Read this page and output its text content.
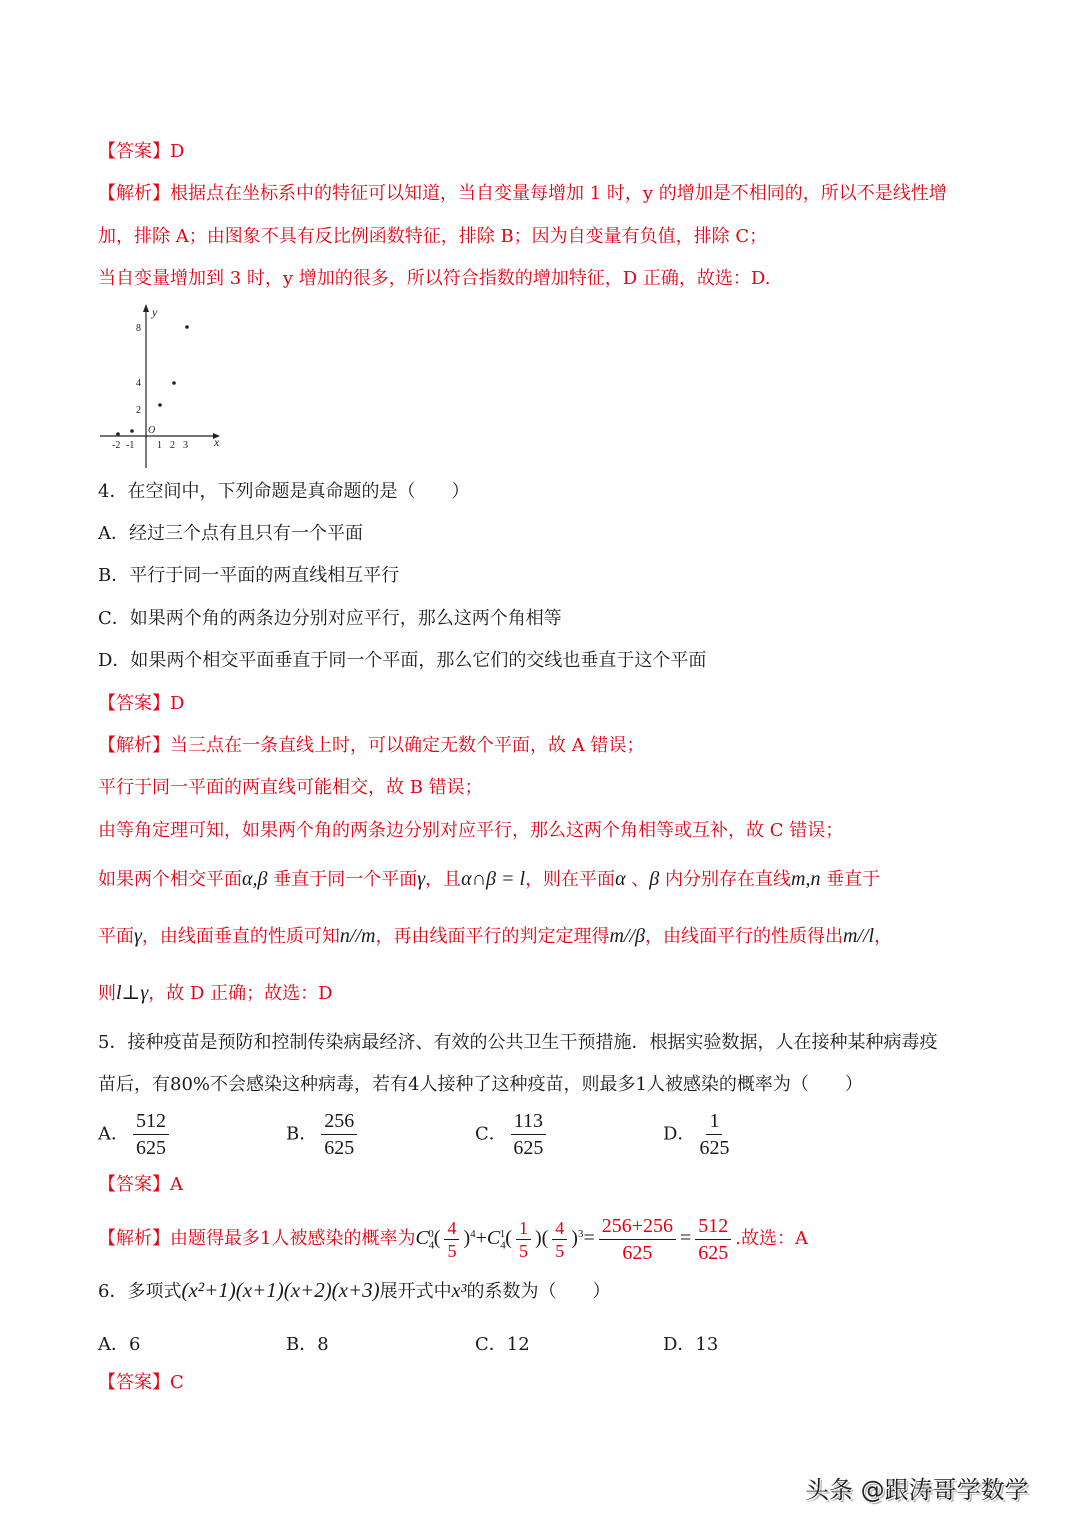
【答案】D
【解析】根据点在坐标系中的特征可以知道，当自变量每增加 1 时，y 的增加是不相同的，所以不是线性增
加，排除 A；由图象不具有反比例函数特征，排除 B；因为自变量有负值，排除 C；
当自变量增加到 3 时，y 增加的很多，所以符合指数的增加特征，D 正确，故选：D.
y
x
O
8
4
2
-2 -1 1 2 3
4．在空间中，下列命题是真命题的是（　　）
A．经过三个点有且只有一个平面
B．平行于同一平面的两直线相互平行
C．如果两个角的两条边分别对应平行，那么这两个角相等
D．如果两个相交平面垂直于同一个平面，那么它们的交线也垂直于这个平面
【答案】D
【解析】当三点在一条直线上时，可以确定无数个平面，故 A 错误；
平行于同一平面的两直线可能相交，故 B 错误；
由等角定理可知，如果两个角的两条边分别对应平行，那么这两个角相等或互补，故 C 错误；
如果两个相交平面α,β 垂直于同一个平面γ，且α∩β = l，则在平面α 、β 内分别存在直线m,n 垂直于
平面γ，由线面垂直的性质可知n//m，再由线面平行的判定定理得m//β，由线面平行的性质得出m//l，
则l⊥γ，故 D 正确；故选：D
5．接种疫苗是预防和控制传染病最经济、有效的公共卫生干预措施．根据实验数据，人在接种某种病毒疫
苗后，有80%不会感染这种病毒，若有4人接种了这种疫苗，则最多1人被感染的概率为（　　）
A． $\frac{512}{625}$	B． $\frac{256}{625}$	C． $\frac{113}{625}$	D． $\frac{1}{625}$
【答案】A
【解析】由题得最多1人被感染的概率为$C_4^0( \frac{4}{5} )^4+C_4^1( \frac{1}{5}$ )( $\frac{4}{5} )^3= \frac{256+256}{625} = \frac{512}{625}$ .故选：A
6．多项式(x²+1)(x+1)(x+2)(x+3)展开式中x³的系数为（　　）
A．6	B．8	C．12	D．13
【答案】C
头条 @跟涛哥学数学
